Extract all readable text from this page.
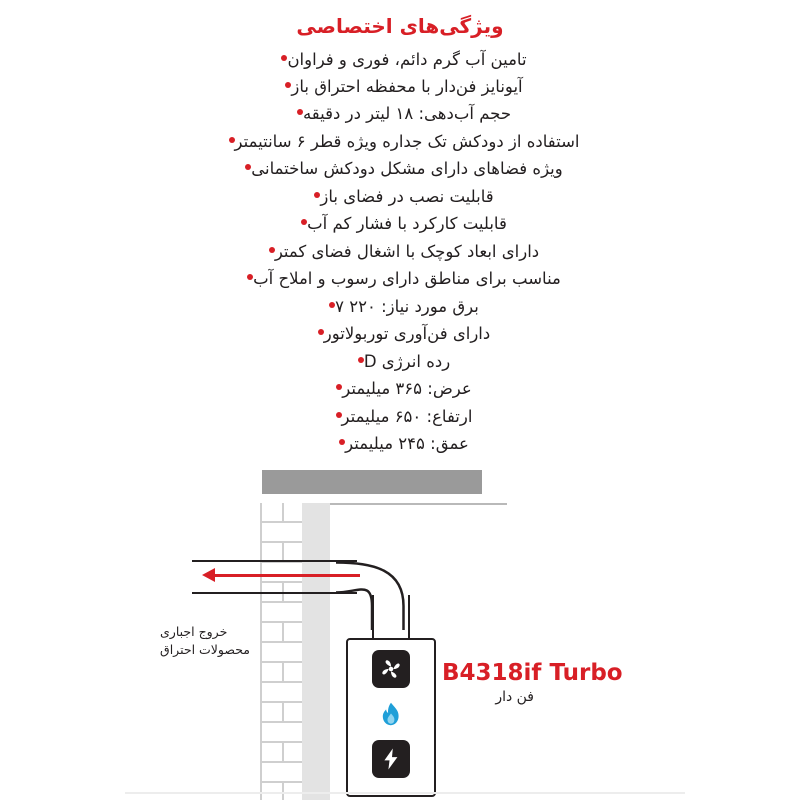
ویژگی‌های اختصاصی
تامین آب گرم دائم، فوری و فراوان
آیونایز فن‌دار با محفظه احتراق باز
حجم آب‌دهی: ۱۸ لیتر در دقیقه
استفاده از دودکش تک جداره ویژه قطر ۶ سانتیمتر
ویژه فضاهای دارای مشکل دودکش ساختمانی
قابلیت نصب در فضای باز
قابلیت کارکرد با فشار کم آب
دارای ابعاد کوچک با اشغال فضای کمتر
مناسب برای مناطق دارای رسوب و املاح آب
برق مورد نیاز: ۲۲۰ ۷
دارای فن‌آوری توربولاتور
رده انرژی D
عرض: ۳۶۵ میلیمتر
ارتفاع: ۶۵۰ میلیمتر
عمق: ۲۴۵ میلیمتر
خروج اجباری
محصولات احتراق
B4318if Turbo
فن دار
